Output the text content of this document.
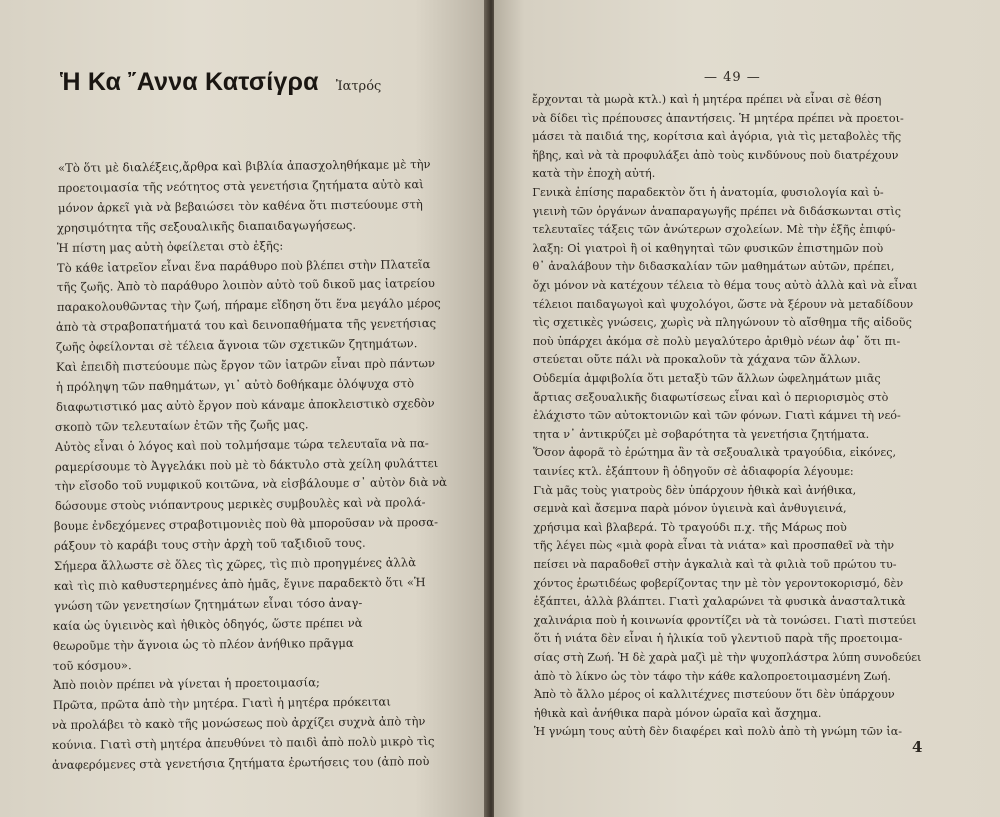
Ἡ Κα ῎Αννα Κατσίγρα Ἰατρός
«Τὸ ὅτι μὲ διαλέξεις,ἄρθρα καὶ βιβλία ἀπασχοληθήκαμε μὲ τὴν
προετοιμασία τῆς νεότητος στὰ γενετήσια ζητήματα αὐτὸ καὶ
μόνον ἀρκεῖ γιὰ νὰ βεβαιώσει τὸν καθένα ὅτι πιστεύουμε στὴ
χρησιμότητα τῆς σεξουαλικῆς διαπαιδαγωγήσεως.
Ἡ πίστη μας αὐτὴ ὀφείλεται στὸ ἑξῆς:
Τὸ κάθε ἰατρεῖον εἶναι ἕνα παράθυρο ποὺ βλέπει στὴν Πλατεῖα
τῆς ζωῆς. Ἀπὸ τὸ παράθυρο λοιπὸν αὐτὸ τοῦ δικοῦ μας ἰατρείου
παρακολουθῶντας τὴν ζωή, πήραμε εἴδηση ὅτι ἕνα μεγάλο μέρος
ἀπὸ τὰ στραβοπατήματά του καὶ δεινοπαθήματα τῆς γενετήσιας
ζωῆς ὀφείλονται σὲ τέλεια ἄγνοια τῶν σχετικῶν ζητημάτων.
Καὶ ἐπειδὴ πιστεύουμε πὼς ἔργον τῶν ἰατρῶν εἶναι πρὸ πάντων
ἡ πρόληψη τῶν παθημάτων, γι᾽ αὐτὸ δοθήκαμε ὁλόψυχα στὸ
διαφωτιστικό μας αὐτὸ ἔργον ποὺ κάναμε ἀποκλειστικὸ σχεδὸν
σκοπὸ τῶν τελευταίων ἐτῶν τῆς ζωῆς μας.
Αὐτὸς εἶναι ὁ λόγος καὶ ποὺ τολμήσαμε τώρα τελευταῖα νὰ πα-
ραμερίσουμε τὸ Ἀγγελάκι ποὺ μὲ τὸ δάκτυλο στὰ χείλη φυλάττει
τὴν εἴσοδο τοῦ νυμφικοῦ κοιτῶνα, νὰ εἰσβάλουμε σ᾽ αὐτὸν διὰ νὰ
δώσουμε στοὺς νιόπαντρους μερικὲς συμβουλὲς καὶ νὰ προλά-
βουμε ἐνδεχόμενες στραβοτιμονιὲς ποὺ θὰ μποροῦσαν νὰ προσα-
ράξουν τὸ καράβι τους στὴν ἀρχὴ τοῦ ταξιδιοῦ τους.
Σήμερα ἄλλωστε σὲ ὅλες τὶς χῶρες, τὶς πιὸ προηγμένες ἀλλὰ
καὶ τὶς πιὸ καθυστερημένες ἀπὸ ἡμᾶς, ἔγινε παραδεκτὸ ὅτι «Ἡ
γνώση τῶν γενετησίων ζητημάτων εἶναι τόσο ἀναγ-
καία ὡς ὑγιεινὸς καὶ ἠθικὸς ὁδηγός, ὥστε πρέπει νὰ
θεωροῦμε τὴν ἄγνοια ὡς τὸ πλέον ἀνήθικο πρᾶγμα
τοῦ κόσμου».
Ἀπὸ ποιὸν πρέπει νὰ γίνεται ἡ προετοιμασία;
Πρῶτα, πρῶτα ἀπὸ τὴν μητέρα. Γιατὶ ἡ μητέρα πρόκειται
νὰ προλάβει τὸ κακὸ τῆς μονώσεως ποὺ ἀρχίζει συχνὰ ἀπὸ τὴν
κούνια. Γιατὶ στὴ μητέρα ἀπευθύνει τὸ παιδὶ ἀπὸ πολὺ μικρὸ τὶς
ἀναφερόμενες στὰ γενετήσια ζητήματα ἐρωτήσεις του (ἀπὸ ποὺ
— 49 —
ἔρχονται τὰ μωρὰ κτλ.) καὶ ἡ μητέρα πρέπει νὰ εἶναι σὲ θέση
νὰ δίδει τὶς πρέπουσες ἀπαντήσεις. Ἡ μητέρα πρέπει νὰ προετοι-
μάσει τὰ παιδιά της, κορίτσια καὶ ἀγόρια, γιὰ τὶς μεταβολὲς τῆς
ἥβης, καὶ νὰ τὰ προφυλάξει ἀπὸ τοὺς κινδύνους ποὺ διατρέχουν
κατὰ τὴν ἐποχὴ αὐτή.
Γενικὰ ἐπίσης παραδεκτὸν ὅτι ἡ ἀνατομία, φυσιολογία καὶ ὑ-
γιεινὴ τῶν ὀργάνων ἀναπαραγωγῆς πρέπει νὰ διδάσκωνται στὶς
τελευταῖες τάξεις τῶν ἀνώτερων σχολείων. Μὲ τὴν ἑξῆς ἐπιφύ-
λαξη: Οἱ γιατροὶ ἢ οἱ καθηγηταὶ τῶν φυσικῶν ἐπιστημῶν ποὺ
θ᾽ ἀναλάβουν τὴν διδασκαλίαν τῶν μαθημάτων αὐτῶν, πρέπει,
ὄχι μόνον νὰ κατέχουν τέλεια τὸ θέμα τους αὐτὸ ἀλλὰ καὶ νὰ εἶναι
τέλειοι παιδαγωγοὶ καὶ ψυχολόγοι, ὥστε νὰ ξέρουν νὰ μεταδίδουν
τὶς σχετικὲς γνώσεις, χωρὶς νὰ πληγώνουν τὸ αἴσθημα τῆς αἰδοῦς
ποὺ ὑπάρχει ἀκόμα σὲ πολὺ μεγαλύτερο ἀριθμὸ νέων ἀφ᾽ ὅτι πι-
στεύεται οὔτε πάλι νὰ προκαλοῦν τὰ χάχανα τῶν ἄλλων.
Οὐδεμία ἀμφιβολία ὅτι μεταξὺ τῶν ἄλλων ὠφελημάτων μιᾶς
ἄρτιας σεξουαλικῆς διαφωτίσεως εἶναι καὶ ὁ περιορισμὸς στὸ
ἐλάχιστο τῶν αὐτοκτονιῶν καὶ τῶν φόνων. Γιατὶ κάμνει τὴ νεό-
τητα ν᾽ ἀντικρύζει μὲ σοβαρότητα τὰ γενετήσια ζητήματα.
Ὅσον ἀφορᾶ τὸ ἐρώτημα ἂν τὰ σεξουαλικὰ τραγούδια, εἰκόνες,
ταινίες κτλ. ἐξάπτουν ἢ ὁδηγοῦν σὲ ἀδιαφορία λέγουμε:
Γιὰ μᾶς τοὺς γιατροὺς δὲν ὑπάρχουν ἠθικὰ καὶ ἀνήθικα,
σεμνὰ καὶ ἄσεμνα παρὰ μόνον ὑγιεινὰ καὶ ἀνθυγιεινά,
χρήσιμα καὶ βλαβερά. Τὸ τραγούδι π.χ. τῆς Μάρως ποὺ
τῆς λέγει πὼς «μιὰ φορὰ εἶναι τὰ νιάτα» καὶ προσπαθεῖ νὰ τὴν
πείσει νὰ παραδοθεῖ στὴν ἀγκαλιὰ καὶ τὰ φιλιὰ τοῦ πρώτου τυ-
χόντος ἐρωτιδέως φοβερίζοντας την μὲ τὸν γεροντοκορισμό, δὲν
ἐξάπτει, ἀλλὰ βλάπτει. Γιατὶ χαλαρώνει τὰ φυσικὰ ἀνασταλτικὰ
χαλινάρια ποὺ ἡ κοινωνία φροντίζει νὰ τὰ τονώσει. Γιατὶ πιστεύει
ὅτι ἡ νιάτα δὲν εἶναι ἡ ἡλικία τοῦ γλεντιοῦ παρὰ τῆς προετοιμα-
σίας στὴ Ζωή. Ἡ δὲ χαρὰ μαζὶ μὲ τὴν ψυχοπλάστρα λύπη συνοδεύει
ἀπὸ τὸ λίκνο ὡς τὸν τάφο τὴν κάθε καλοπροετοιμασμένη Ζωή.
Ἀπὸ τὸ ἄλλο μέρος οἱ καλλιτέχνες πιστεύουν ὅτι δὲν ὑπάρχουν
ἠθικὰ καὶ ἀνήθικα παρὰ μόνον ὡραῖα καὶ ἄσχημα.
Ἡ γνώμη τους αὐτὴ δὲν διαφέρει καὶ πολὺ ἀπὸ τὴ γνώμη τῶν ἰα-
4
